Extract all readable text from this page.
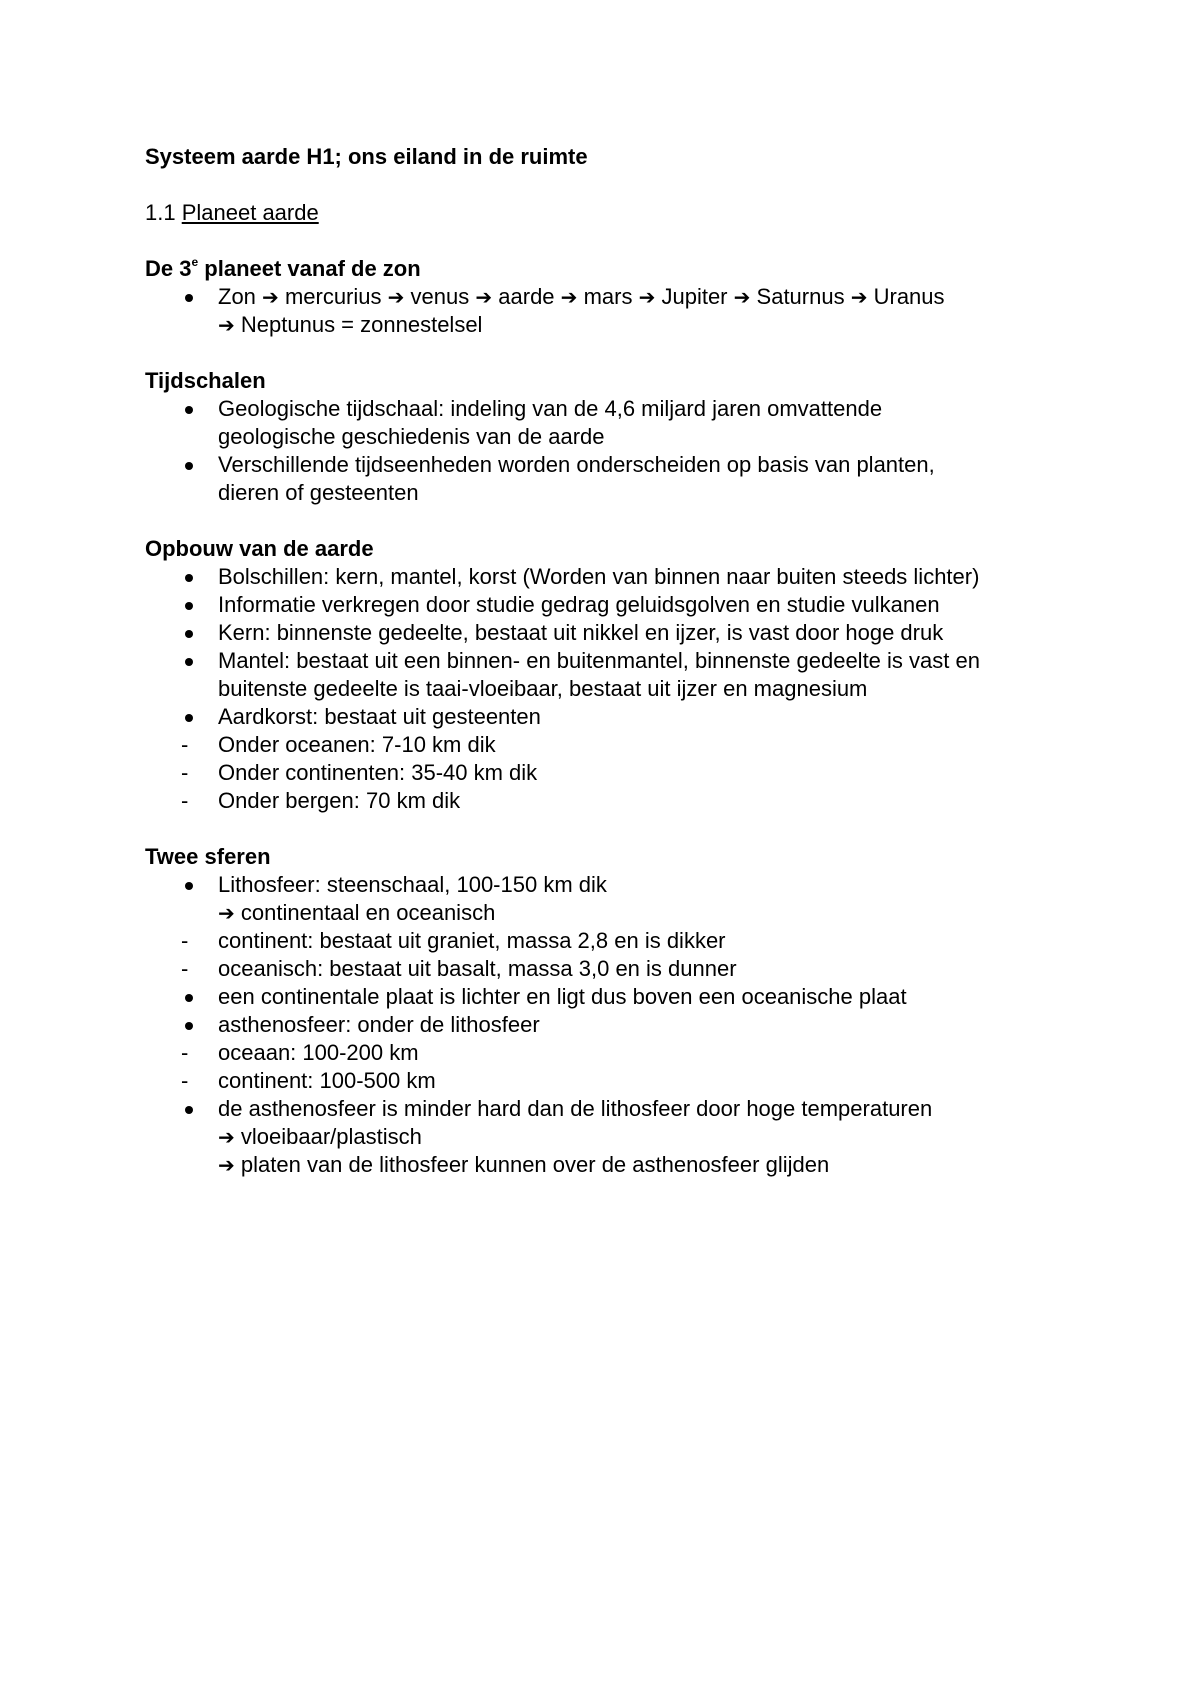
Systeem aarde H1; ons eiland in de ruimte
1.1 Planeet aarde
De 3e planeet vanaf de zon
Zon ➔ mercurius ➔ venus ➔ aarde ➔ mars ➔ Jupiter ➔ Saturnus ➔ Uranus
➔ Neptunus = zonnestelsel
Tijdschalen
Geologische tijdschaal: indeling van de 4,6 miljard jaren omvattende
geologische geschiedenis van de aarde
Verschillende tijdseenheden worden onderscheiden op basis van planten,
dieren of gesteenten
Opbouw van de aarde
Bolschillen: kern, mantel, korst (Worden van binnen naar buiten steeds lichter)
Informatie verkregen door studie gedrag geluidsgolven en studie vulkanen
Kern: binnenste gedeelte, bestaat uit nikkel en ijzer, is vast door hoge druk
Mantel: bestaat uit een binnen- en buitenmantel, binnenste gedeelte is vast en
buitenste gedeelte is taai-vloeibaar, bestaat uit ijzer en magnesium
Aardkorst: bestaat uit gesteenten
- Onder oceanen: 7-10 km dik
- Onder continenten: 35-40 km dik
- Onder bergen: 70 km dik
Twee sferen
Lithosfeer: steenschaal, 100-150 km dik
➔ continentaal en oceanisch
- continent: bestaat uit graniet, massa 2,8 en is dikker
- oceanisch: bestaat uit basalt, massa 3,0 en is dunner
een continentale plaat is lichter en ligt dus boven een oceanische plaat
asthenosfeer: onder de lithosfeer
- oceaan: 100-200 km
- continent: 100-500 km
de asthenosfeer is minder hard dan de lithosfeer door hoge temperaturen
➔ vloeibaar/plastisch
➔ platen van de lithosfeer kunnen over de asthenosfeer glijden
